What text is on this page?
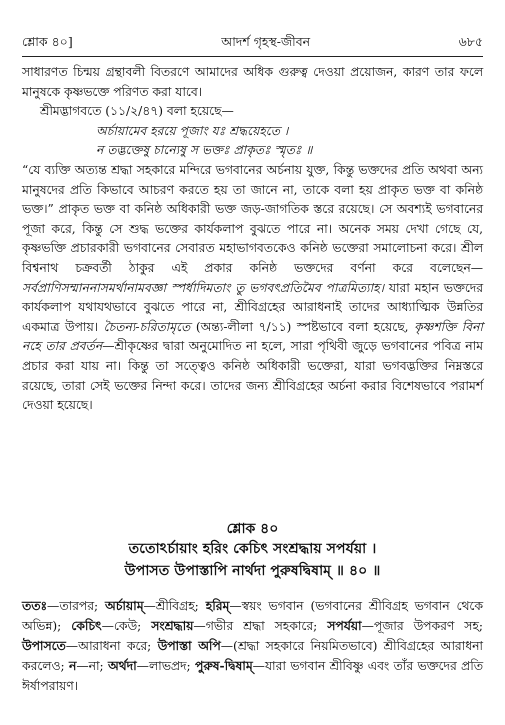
শ্লোক ৪০]	আদর্শ গৃহস্থ-জীবন	৬৮৫

সাধারণত চিন্ময় গ্রন্থাবলী বিতরণে আমাদের অধিক গুরুত্ব দেওয়া প্রয়োজন, কারণ তার ফলে মানুষকে কৃষ্ণভক্তে পরিণত করা যাবে।

শ্রীমদ্ভাগবতে (১১/২/৪৭) বলা হয়েছে—

অর্চায়ামেব হরয়ে পূজাং যঃ শ্রদ্ধয়েহতে ।

ন তদ্ভক্তেষু চান্যেষু স ভক্তঃ প্রাকৃতঃ স্মৃতঃ ॥

“যে ব্যক্তি অত্যন্ত শ্রদ্ধা সহকারে মন্দিরে ভগবানের অর্চনায় যুক্ত, কিন্তু ভক্তদের প্রতি অথবা অন্য মানুষদের প্রতি কিভাবে আচরণ করতে হয় তা জানে না, তাকে বলা হয় প্রাকৃত ভক্ত বা কনিষ্ঠ ভক্ত।” প্রাকৃত ভক্ত বা কনিষ্ঠ অধিকারী ভক্ত জড়-জাগতিক স্তরে রয়েছে। সে অবশ্যই ভগবানের পূজা করে, কিন্তু সে শুদ্ধ ভক্তের কার্যকলাপ বুঝতে পারে না। অনেক সময় দেখা গেছে যে, কৃষ্ণভক্তি প্রচারকারী ভগবানের সেবারত মহাভাগবতকেও কনিষ্ঠ ভক্তেরা সমালোচনা করে। শ্রীল বিশ্বনাথ চক্রবর্তী ঠাকুর এই প্রকার কনিষ্ঠ ভক্তদের বর্ণনা করে বলেছেন—সর্বপ্রাণিসম্মাননাসমর্থানামবজ্ঞা স্পর্ধাদিমতাং তু ভগবৎপ্রতিমৈব পাত্রমিত্যাহ। যারা মহান ভক্তদের কার্যকলাপ যথাযথভাবে বুঝতে পারে না, শ্রীবিগ্রহের আরাধনাই তাদের আধ্যাত্মিক উন্নতির একমাত্র উপায়। চৈতন্য-চরিতামৃতে (অন্ত্য-লীলা ৭/১১) স্পষ্টভাবে বলা হয়েছে, কৃষ্ণশক্তি বিনা নহে তার প্রবর্তন—শ্রীকৃষ্ণের দ্বারা অনুমোদিত না হলে, সারা পৃথিবী জুড়ে ভগবানের পবিত্র নাম প্রচার করা যায় না। কিন্তু তা সত্ত্বেও কনিষ্ঠ অধিকারী ভক্তেরা, যারা ভগবদ্ভক্তির নিম্নস্তরে রয়েছে, তারা সেই ভক্তের নিন্দা করে। তাদের জন্য শ্রীবিগ্রহের অর্চনা করার বিশেষভাবে পরামর্শ দেওয়া হয়েছে।

শ্লোক ৪০
ততোঽর্চায়াং হরিং কেচিৎ সংশ্রদ্ধায় সপর্যয়া ।
উপাসত উপাস্তাপি নার্থদা পুরুষদ্বিষাম্ ॥ ৪০ ॥
ততঃ—তারপর; অর্চায়াম্—শ্রীবিগ্রহ; হরিম্—স্বয়ং ভগবান (ভগবানের শ্রীবিগ্রহ ভগবান থেকে অভিন্ন); কেচিৎ—কেউ; সংশ্রদ্ধায়—গভীর শ্রদ্ধা সহকারে; সপর্যয়া—পূজার উপকরণ সহ; উপাসতে—আরাধনা করে; উপাস্তা অপি—(শ্রদ্ধা সহকারে নিয়মিতভাবে) শ্রীবিগ্রহের আরাধনা করলেও; ন—না; অর্থদা—লাভপ্রদ; পুরুষ-দ্বিষাম্—যারা ভগবান শ্রীবিষ্ণু এবং তাঁর ভক্তদের প্রতি ঈর্ষাপরায়ণ।
